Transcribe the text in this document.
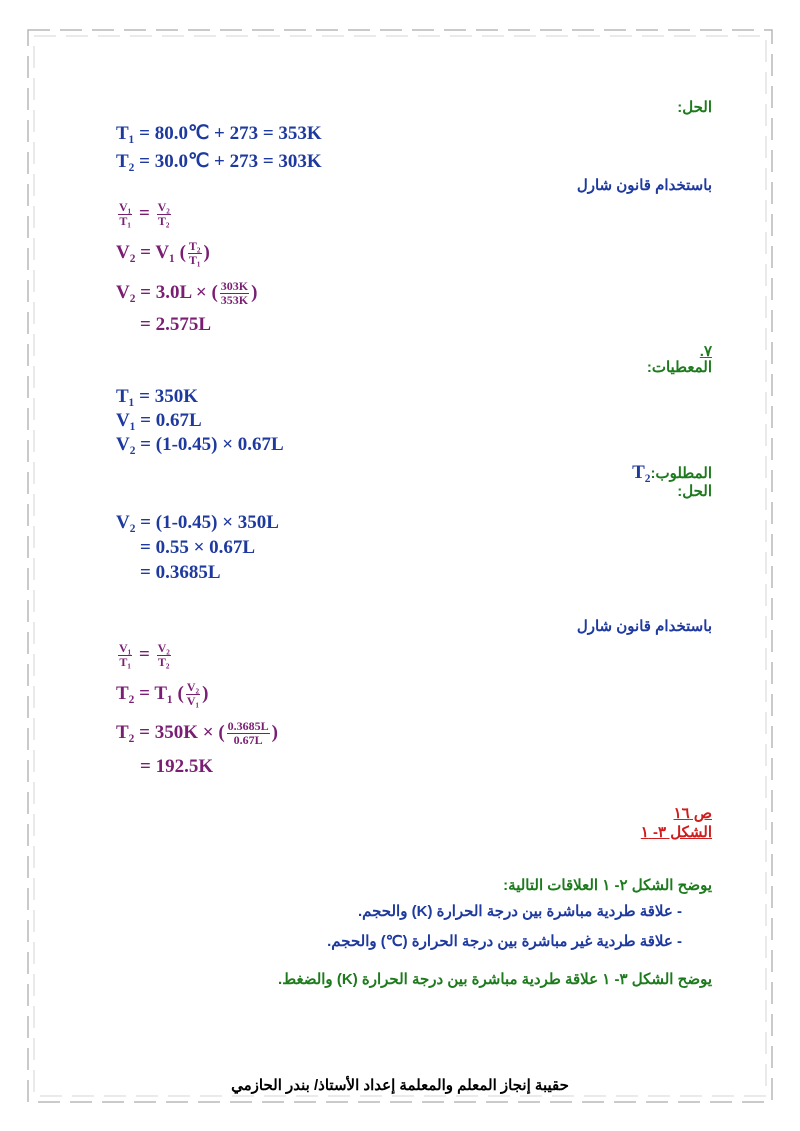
الحل:
T₁ = 80.0℃ + 273 = 353K
T₂ = 30.0℃ + 273 = 303K
باستخدام قانون شارل
$\frac{\text{V₁}}{\text{T₁}} = \frac{\text{V₂}}{\text{T₂}}$
V₂ = V₁ ( $\frac{\text{T₂}}{\text{T₁}}$ )
V₂ = 3.0L × ( $\frac{303K}{353K}$ )
= 2.575L
٧.
المعطيات:
T₁ = 350K
V₁ = 0.67L
V₂ = (1-0.45) × 0.67L
المطلوب:T₂
الحل:
V₂ = (1-0.45) × 350L
= 0.55 × 0.67L
= 0.3685L
باستخدام قانون شارل
$\frac{\text{V₁}}{\text{T₁}} = \frac{\text{V₂}}{\text{T₂}}$
T₂ = T₁ ( $\frac{\text{V₂}}{\text{V₁}}$ )
T₂ = 350K × ( $\frac{0.3685L}{0.67L}$ )
= 192.5K
ص ١٦
الشكل ٣- ١
يوضح الشكل ٢- ١ العلاقات التالية:
- علاقة طردية مباشرة بين درجة الحرارة (K) والحجم.
- علاقة طردية غير مباشرة بين درجة الحرارة (℃) والحجم.
يوضح الشكل ٣- ١ علاقة طردية مباشرة بين درجة الحرارة (K) والضغط.
حقيبة إنجاز المعلم والمعلمة إعداد الأستاذ/ بندر الحازمي
